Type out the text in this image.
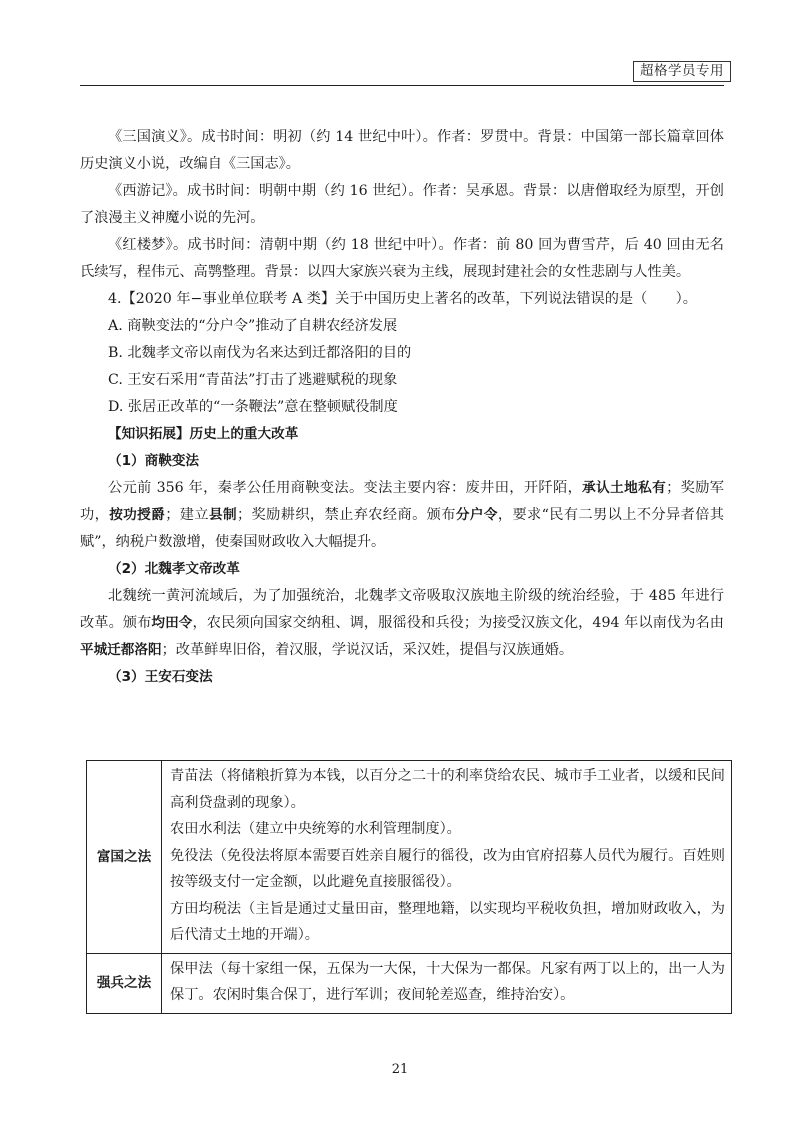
超格学员专用

《三国演义》。成书时间：明初（约 14 世纪中叶）。作者：罗贯中。背景：中国第一部长篇章回体历史演义小说，改编自《三国志》。

《西游记》。成书时间：明朝中期（约 16 世纪）。作者：吴承恩。背景：以唐僧取经为原型，开创了浪漫主义神魔小说的先河。

《红楼梦》。成书时间：清朝中期（约 18 世纪中叶）。作者：前 80 回为曹雪芹，后 40 回由无名氏续写，程伟元、高鹗整理。背景：以四大家族兴衰为主线，展现封建社会的女性悲剧与人性美。

4.【2020 年−事业单位联考 A 类】关于中国历史上著名的改革，下列说法错误的是（　　）。

A. 商鞅变法的“分户令”推动了自耕农经济发展

B. 北魏孝文帝以南伐为名来达到迁都洛阳的目的

C. 王安石采用“青苗法”打击了逃避赋税的现象

D. 张居正改革的“一条鞭法”意在整顿赋役制度

【知识拓展】历史上的重大改革

（1）商鞅变法

公元前 356 年，秦孝公任用商鞅变法。变法主要内容：废井田，开阡陌，承认土地私有；奖励军功，按功授爵；建立县制；奖励耕织，禁止弃农经商。颁布分户令，要求“民有二男以上不分异者倍其赋”，纳税户数激增，使秦国财政收入大幅提升。

（2）北魏孝文帝改革

北魏统一黄河流域后，为了加强统治，北魏孝文帝吸取汉族地主阶级的统治经验，于 485 年进行改革。颁布均田令，农民须向国家交纳租、调，服徭役和兵役；为接受汉族文化，494 年以南伐为名由平城迁都洛阳；改革鲜卑旧俗，着汉服，学说汉话，采汉姓，提倡与汉族通婚。

（3）王安石变法

富国之法	青苗法（将储粮折算为本钱，以百分之二十的利率贷给农民、城市手工业者，以缓和民间高利贷盘剥的现象）。

农田水利法（建立中央统筹的水利管理制度）。

免役法（免役法将原本需要百姓亲自履行的徭役，改为由官府招募人员代为履行。百姓则按等级支付一定金额，以此避免直接服徭役）。

方田均税法（主旨是通过丈量田亩，整理地籍，以实现均平税收负担，增加财政收入，为后代清丈土地的开端）。

强兵之法	保甲法（每十家组一保，五保为一大保，十大保为一都保。凡家有两丁以上的，出一人为保丁。农闲时集合保丁，进行军训；夜间轮差巡查，维持治安）。

21
